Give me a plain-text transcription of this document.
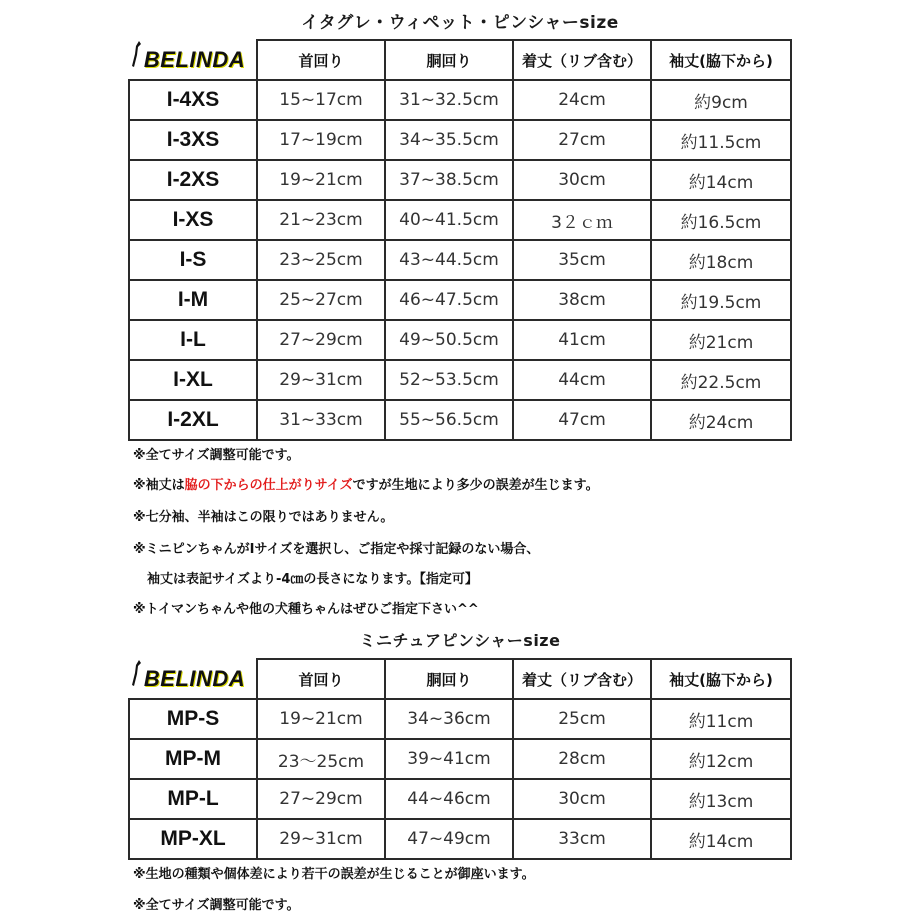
イタグレ・ウィペット・ピンシャーsize
BELINDA	首回り	胴回り	着丈（リブ含む）	袖丈(脇下から)
I-4XS	15~17cm	31~32.5cm	24cm	約9cm
I-3XS	17~19cm	34~35.5cm	27cm	約11.5cm
I-2XS	19~21cm	37~38.5cm	30cm	約14cm
I-XS	21~23cm	40~41.5cm	3２ｃｍ	約16.5cm
I-S	23~25cm	43~44.5cm	35cm	約18cm
I-M	25~27cm	46~47.5cm	38cm	約19.5cm
I-L	27~29cm	49~50.5cm	41cm	約21cm
I-XL	29~31cm	52~53.5cm	44cm	約22.5cm
I-2XL	31~33cm	55~56.5cm	47cm	約24cm
※全てサイズ調整可能です。
※袖丈は脇の下からの仕上がりサイズですが生地により多少の誤差が生じます。
※七分袖、半袖はこの限りではありません。
※ミニピンちゃんがIサイズを選択し、ご指定や採寸記録のない場合、
袖丈は表記サイズより-4㎝の長さになります。【指定可】
※トイマンちゃんや他の犬種ちゃんはぜひご指定下さい^^
ミニチュアピンシャーsize
BELINDA	首回り	胴回り	着丈（リブ含む）	袖丈(脇下から)
MP-S	19~21cm	34~36cm	25cm	約11cm
MP-M	23〜25cm	39~41cm	28cm	約12cm
MP-L	27~29cm	44~46cm	30cm	約13cm
MP-XL	29~31cm	47~49cm	33cm	約14cm
※生地の種類や個体差により若干の誤差が生じることが御座います。
※全てサイズ調整可能です。
